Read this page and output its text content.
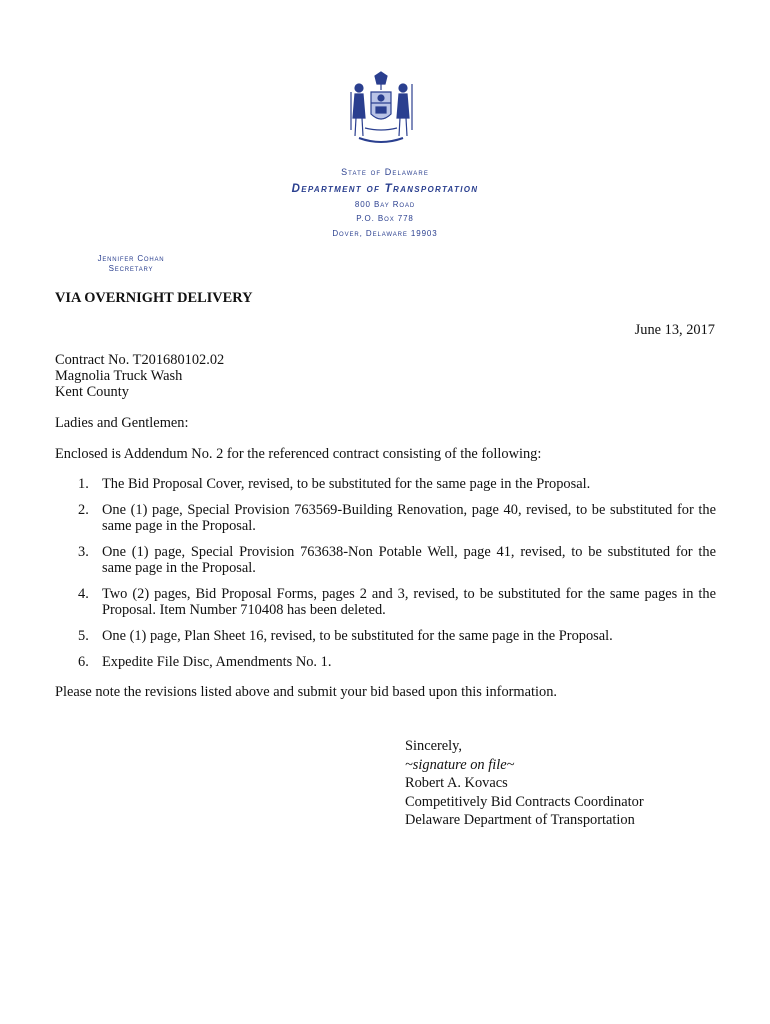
State of Delaware
Department of Transportation
800 Bay Road
P.O. Box 778
Dover, Delaware 19903
Jennifer Cohan
Secretary
VIA OVERNIGHT DELIVERY
June 13, 2017
Contract No. T201680102.02
Magnolia Truck Wash
Kent County
Ladies and Gentlemen:
Enclosed is Addendum No. 2 for the referenced contract consisting of the following:
1. The Bid Proposal Cover, revised, to be substituted for the same page in the Proposal.
2. One (1) page, Special Provision 763569-Building Renovation, page 40, revised, to be substituted for the same page in the Proposal.
3. One (1) page, Special Provision 763638-Non Potable Well, page 41, revised, to be substituted for the same page in the Proposal.
4. Two (2) pages, Bid Proposal Forms, pages 2 and 3, revised, to be substituted for the same pages in the Proposal. Item Number 710408 has been deleted.
5. One (1) page, Plan Sheet 16, revised, to be substituted for the same page in the Proposal.
6. Expedite File Disc, Amendments No. 1.
Please note the revisions listed above and submit your bid based upon this information.
Sincerely,
~signature on file~
Robert A. Kovacs
Competitively Bid Contracts Coordinator
Delaware Department of Transportation
